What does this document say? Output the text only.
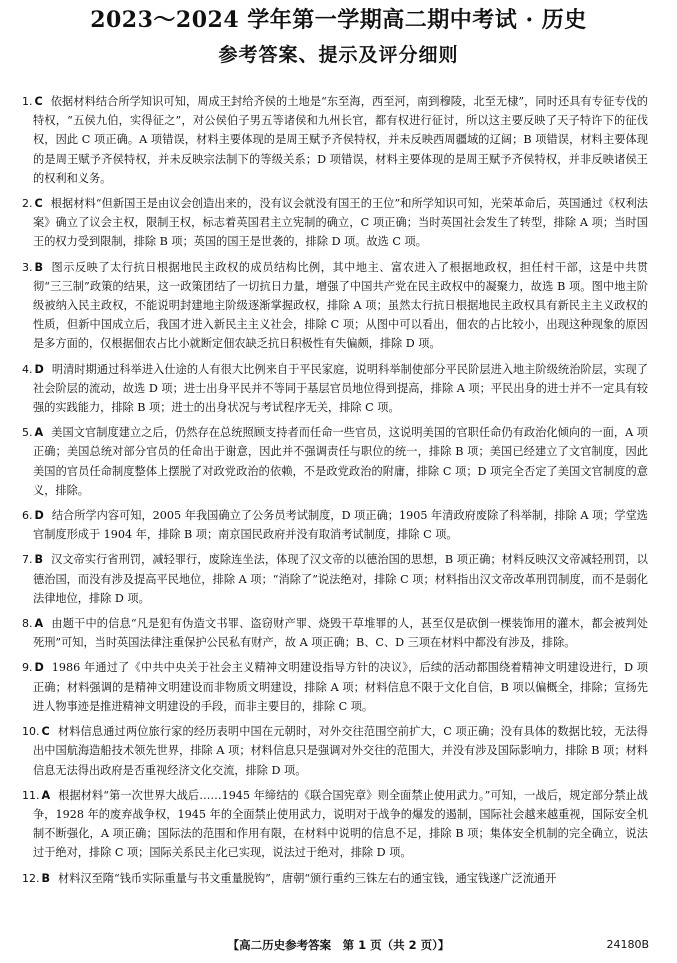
2023～2024 学年第一学期高二期中考试 · 历史
参考答案、提示及评分细则

1. C 依据材料结合所学知识可知，周成王封给齐侯的土地是“东至海，西至河，南到穆陵，北至无棣”，同时还具有专征专伐的特权，“五侯九伯，实得征之”，对公侯伯子男五等诸侯和九州长官，都有权进行征讨，所以这主要反映了天子特许下的征伐权，因此 C 项正确。A 项错误，材料主要体现的是周王赋予齐侯特权，并未反映西周疆域的辽阔；B 项错误，材料主要体现的是周王赋予齐侯特权，并未反映宗法制下的等级关系；D 项错误，材料主要体现的是周王赋予齐侯特权，并非反映诸侯王的权利和义务。

2. C 根据材料“但新国王是由议会创造出来的，没有议会就没有国王的王位”和所学知识可知，光荣革命后，英国通过《权利法案》确立了议会主权，限制王权，标志着英国君主立宪制的确立，C 项正确；当时英国社会发生了转型，排除 A 项；当时国王的权力受到限制，排除 B 项；英国的国王是世袭的，排除 D 项。故选 C 项。

3. B 图示反映了太行抗日根据地民主政权的成员结构比例，其中地主、富农进入了根据地政权，担任村干部，这是中共贯彻“三三制”政策的结果，这一政策团结了一切抗日力量，增强了中国共产党在民主政权中的凝聚力，故选 B 项。图中地主阶级被纳入民主政权，不能说明封建地主阶级逐渐掌握政权，排除 A 项；虽然太行抗日根据地民主政权具有新民主主义政权的性质，但新中国成立后，我国才进入新民主主义社会，排除 C 项；从图中可以看出，佃农的占比较小，出现这种现象的原因是多方面的，仅根据佃农占比小就断定佃农缺乏抗日积极性有失偏颇，排除 D 项。

4. D 明清时期通过科举进入仕途的人有很大比例来自于平民家庭，说明科举制使部分平民阶层进入地主阶级统治阶层，实现了社会阶层的流动，故选 D 项；进士出身平民并不等同于基层官员地位得到提高，排除 A 项；平民出身的进士并不一定具有较强的实践能力，排除 B 项；进士的出身状况与考试程序无关，排除 C 项。

5. A 美国文官制度建立之后，仍然存在总统照顾支持者而任命一些官员，这说明美国的官职任命仍有政治化倾向的一面，A 项正确；美国总统对部分官员的任命出于谢意，因此并不强调责任与职位的统一，排除 B 项；美国已经建立了文官制度，因此美国的官员任命制度整体上摆脱了对政党政治的依赖，不是政党政治的附庸，排除 C 项；D 项完全否定了美国文官制度的意义，排除。

6. D 结合所学内容可知，2005 年我国确立了公务员考试制度，D 项正确；1905 年清政府废除了科举制，排除 A 项；学堂选官制度形成于 1904 年，排除 B 项；南京国民政府并没有取消考试制度，排除 C 项。

7. B 汉文帝实行省刑罚，减轻罪行，废除连坐法，体现了汉文帝的以德治国的思想，B 项正确；材料反映汉文帝减轻刑罚，以德治国，而没有涉及提高平民地位，排除 A 项；“消除了”说法绝对，排除 C 项；材料指出汉文帝改革刑罚制度，而不是弱化法律地位，排除 D 项。

8. A 由题干中的信息“凡是犯有伪造文书罪、盗窃财产罪、烧毁干草堆罪的人，甚至仅是砍倒一棵装饰用的灌木，都会被判处死刑”可知，当时英国法律注重保护公民私有财产，故 A 项正确；B、C、D 三项在材料中都没有涉及，排除。

9. D 1986 年通过了《中共中央关于社会主义精神文明建设指导方针的决议》，后续的活动都围绕着精神文明建设进行，D 项正确；材料强调的是精神文明建设而非物质文明建设，排除 A 项；材料信息不限于文化自信，B 项以偏概全，排除；宣扬先进人物事迹是推进精神文明建设的手段，而非主要目的，排除 C 项。

10. C 材料信息通过两位旅行家的经历表明中国在元朝时，对外交往范围空前扩大，C 项正确；没有具体的数据比较，无法得出中国航海造船技术领先世界，排除 A 项；材料信息只是强调对外交往的范围大，并没有涉及国际影响力，排除 B 项；材料信息无法得出政府是否重视经济文化交流，排除 D 项。

11. A 根据材料“第一次世界大战后……1945 年缔结的《联合国宪章》则全面禁止使用武力。”可知，一战后，规定部分禁止战争，1928 年的废弃战争权，1945 年的全面禁止使用武力，说明对于战争的爆发的遏制，国际社会越来越重视，国际安全机制不断强化，A 项正确；国际法的范围和作用有限，在材料中说明的信息不足，排除 B 项；集体安全机制的完全确立，说法过于绝对，排除 C 项；国际关系民主化已实现，说法过于绝对，排除 D 项。

12. B 材料汉至隋“钱币实际重量与书文重量脱钩”，唐朝“颁行重约三铢左右的通宝钱，通宝钱遂广泛流通开

【高二历史参考答案　第 1 页（共 2 页）】	24180B
